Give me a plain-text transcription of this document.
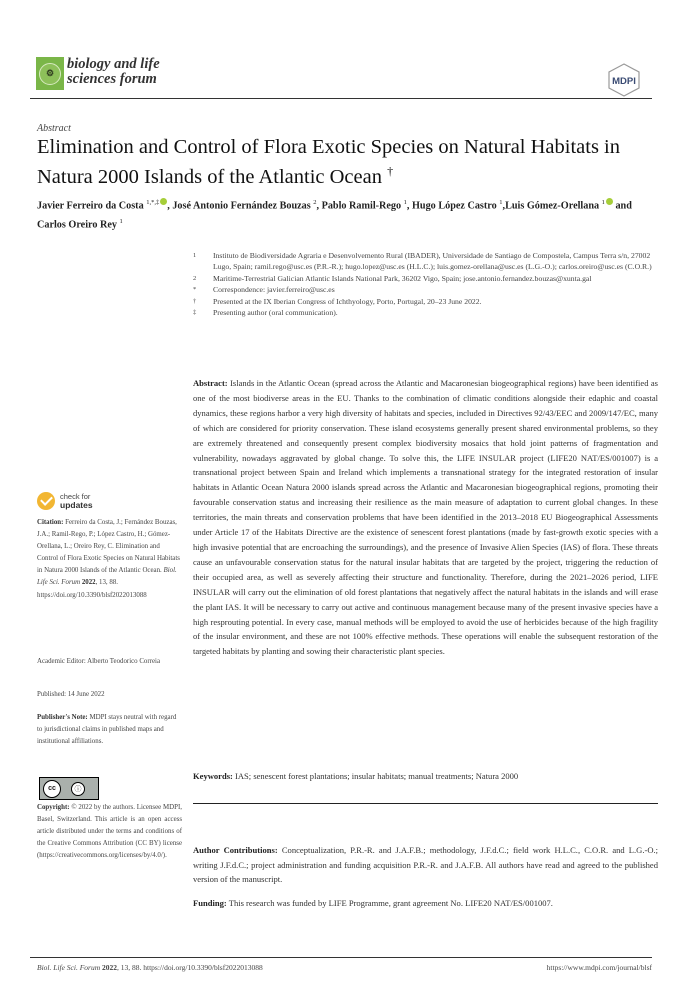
⚙
biology and life
sciences forum	MDPI
Abstract
Elimination and Control of Flora Exotic Species on Natural Habitats in Natura 2000 Islands of the Atlantic Ocean †
Javier Ferreiro da Costa $^{1,*,\ddagger}$ , José Antonio Fernández Bouzas $^2$, Pablo Ramil-Rego $^1$, Hugo López Castro $^1$,Luis Gómez-Orellana $^1$ and Carlos Oreiro Rey $^1$
1	Instituto de Biodiversidade Agraria e Desenvolvemento Rural (IBADER), Universidade de Santiago de Compostela, Campus Terra s/n, 27002 Lugo, Spain; ramil.rego@usc.es (P.R.-R.); hugo.lopez@usc.es (H.L.C.); luis.gomez-orellana@usc.es (L.G.-O.); carlos.oreiro@usc.es (C.O.R.)
2	Maritime-Terrestrial Galician Atlantic Islands National Park, 36202 Vigo, Spain; jose.antonio.fernandez.bouzas@xunta.gal
*	Correspondence: javier.ferreiro@usc.es
†	Presented at the IX Iberian Congress of Ichthyology, Porto, Portugal, 20–23 June 2022.
‡	Presenting author (oral communication).
Abstract: Islands in the Atlantic Ocean (spread across the Atlantic and Macaronesian biogeographical regions) have been identified as one of the most biodiverse areas in the EU. Thanks to the combination of climatic conditions alongside their edaphic and coastal dynamics, these regions harbor a very high diversity of habitats and species, included in Directives 92/43/EEC and 2009/147/EC, many of which are considered for priority conservation. These island ecosystems generally present shared environmental problems, so they are extremely threatened and consequently present complex biodiversity mosaics that hold joint patterns of fragmentation and vulnerability, nowadays aggravated by global change. To solve this, the LIFE INSULAR project (LIFE20 NAT/ES/001007) is a transnational project between Spain and Ireland which implements a transnational strategy for the integrated restoration of insular habitats in Atlantic Ocean Natura 2000 islands spread across the Atlantic and Macaronesian biogeographical regions, promoting their favourable conservation status and increasing their resilience as the main measure of adaptation to current global changes. In these territories, the main threats and conservation problems that have been identified in the 2013–2018 EU Biogeographical Assessments under Article 17 of the Habitats Directive are the existence of senescent forest plantations (made by fast-growth exotic species with a high invasive potential that are encroaching the surroundings), and the presence of Invasive Alien Species (IAS) of flora. These threats cause an unfavourable conservation status for the natural insular habitats that are targeted by the project, triggering the reduction of their occupied area, as well as severely affecting their structure and functionality. Therefore, during the 2021–2026 period, LIFE INSULAR will carry out the elimination of old forest plantations that negatively affect the natural habitats in the islands and will erase the plant IAS. It will be necessary to carry out active and continuous management because many of the present invasive species have a high resprouting potential. In every case, manual methods will be employed to avoid the use of herbicides because of the high fragility of the insular environment, and these are not 100% effective methods. These operations will enable the subsequent restoration of the targeted habitats by planting and sowing their characteristic plant species.
Keywords: IAS; senescent forest plantations; insular habitats; manual treatments; Natura 2000
Author Contributions: Conceptualization, P.R.-R. and J.A.F.B.; methodology, J.F.d.C.; field work H.L.C., C.O.R. and L.G.-O.; writing J.F.d.C.; project administration and funding acquisition P.R.-R. and J.A.F.B. All authors have read and agreed to the published version of the manuscript.
Funding: This research was funded by LIFE Programme, grant agreement No. LIFE20 NAT/ES/001007.
check for
updates
Citation: Ferreiro da Costa, J.; Fernández Bouzas, J.A.; Ramil-Rego, P.; López Castro, H.; Gómez-Orellana, L.; Oreiro Rey, C. Elimination and Control of Flora Exotic Species on Natural Habitats in Natura 2000 Islands of the Atlantic Ocean. Biol. Life Sci. Forum 2022, 13, 88. https://doi.org/10.3390/blsf2022013088
Academic Editor: Alberto Teodorico Correia
Published: 14 June 2022
Publisher's Note: MDPI stays neutral with regard to jurisdictional claims in published maps and institutional affiliations.
cc	ⓘ
Copyright: © 2022 by the authors. Licensee MDPI, Basel, Switzerland. This article is an open access article distributed under the terms and conditions of the Creative Commons Attribution (CC BY) license (https://creativecommons.org/licenses/by/4.0/).
Biol. Life Sci. Forum 2022, 13, 88. https://doi.org/10.3390/blsf2022013088	https://www.mdpi.com/journal/blsf
